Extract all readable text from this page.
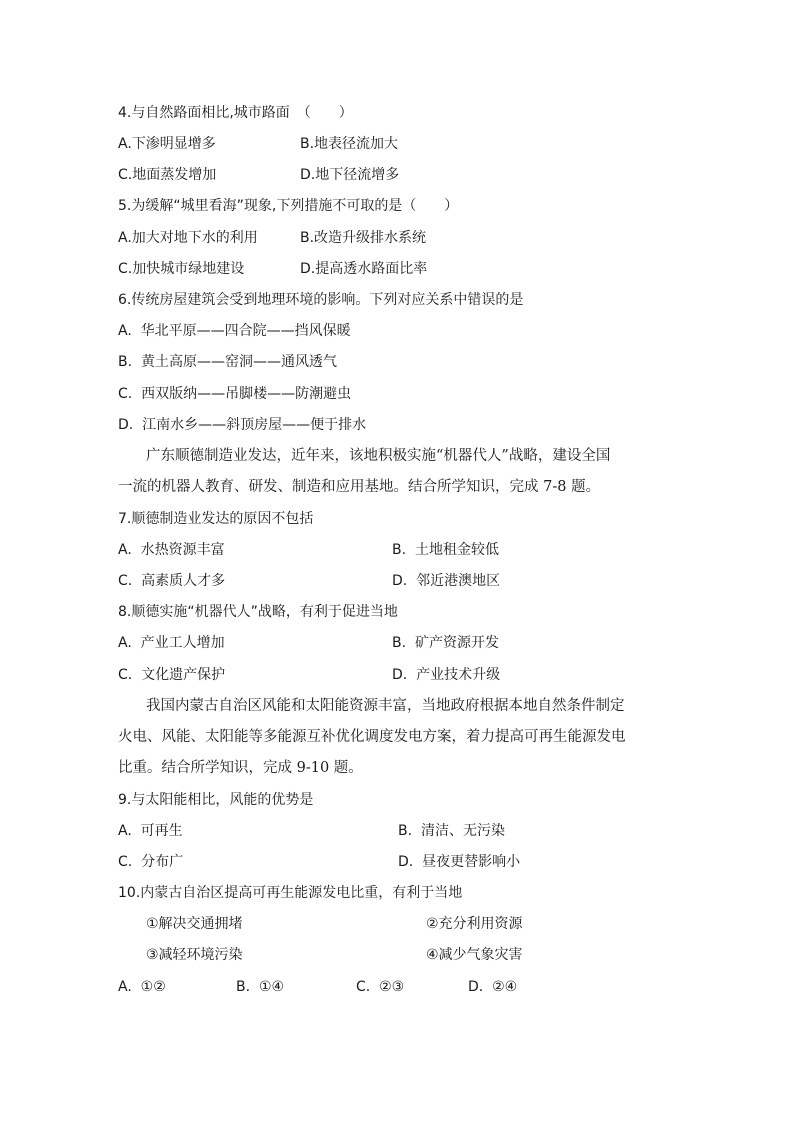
4.与自然路面相比,城市路面　（　　）
A.下渗明显增多	B.地表径流加大
C.地面蒸发增加	D.地下径流增多
5.为缓解“城里看海”现象,下列措施不可取的是（　　）
A.加大对地下水的利用	B.改造升级排水系统
C.加快城市绿地建设	D.提高透水路面比率
6.传统房屋建筑会受到地理环境的影响。下列对应关系中错误的是
A.  华北平原——四合院——挡风保暖
B.  黄土高原——窑洞——通风透气
C.  西双版纳——吊脚楼——防潮避虫
D.  江南水乡——斜顶房屋——便于排水
广东顺德制造业发达，近年来，该地积极实施“机器代人”战略，建设全国
一流的机器人教育、研发、制造和应用基地。结合所学知识，完成 7-8 题。
7.顺德制造业发达的原因不包括
A.  水热资源丰富	B.  土地租金较低
C.  高素质人才多	D.  邻近港澳地区
8.顺德实施“机器代人”战略，有利于促进当地
A.  产业工人增加	B.  矿产资源开发
C.  文化遗产保护	D.  产业技术升级
我国内蒙古自治区风能和太阳能资源丰富，当地政府根据本地自然条件制定
火电、风能、太阳能等多能源互补优化调度发电方案，着力提高可再生能源发电
比重。结合所学知识，完成 9-10 题。
9.与太阳能相比，风能的优势是
A.  可再生	B.  清洁、无污染
C.  分布广	D.  昼夜更替影响小
10.内蒙古自治区提高可再生能源发电比重，有利于当地
①解决交通拥堵	②充分利用资源
③减轻环境污染	④减少气象灾害
A.  ①②	B.  ①④	C.  ②③	D.  ②④
